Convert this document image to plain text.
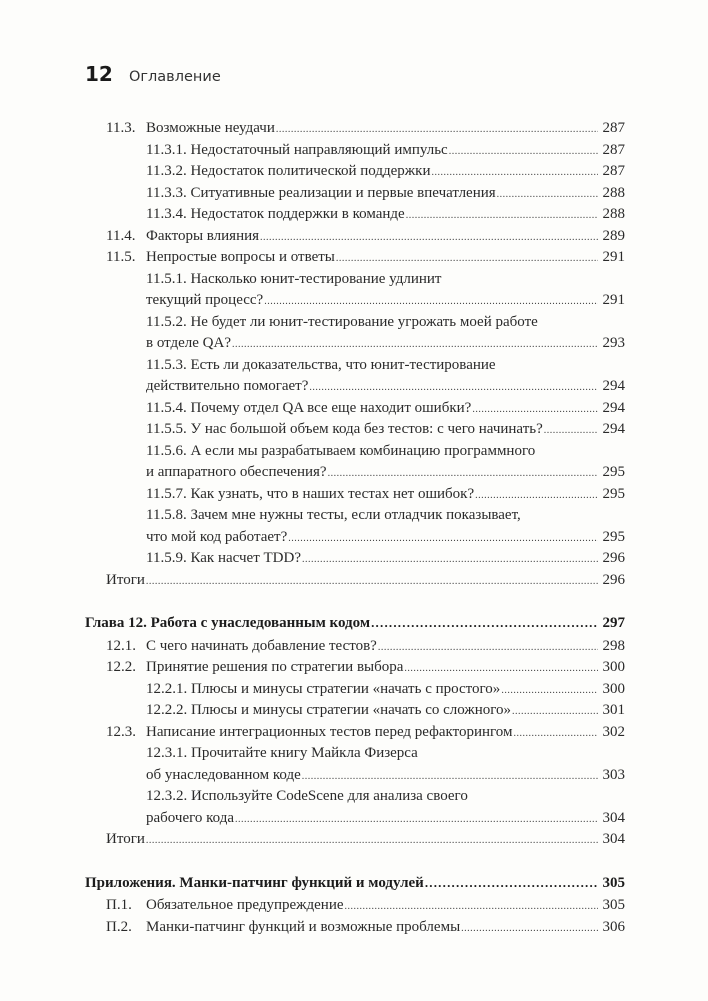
12	Оглавление
11.3. Возможные неудачи .....	287
11.3.1. Недостаточный направляющий импульс .....	287
11.3.2. Недостаток политической поддержки .....	287
11.3.3. Ситуативные реализации и первые впечатления .....	288
11.3.4. Недостаток поддержки в команде .....	288
11.4. Факторы влияния .....	289
11.5. Непростые вопросы и ответы .....	291
11.5.1. Насколько юнит-тестирование удлинит
текущий процесс? .....	291
11.5.2. Не будет ли юнит-тестирование угрожать моей работе
в отделе QA? .....	293
11.5.3. Есть ли доказательства, что юнит-тестирование
действительно помогает? .....	294
11.5.4. Почему отдел QA все еще находит ошибки? .....	294
11.5.5. У нас большой объем кода без тестов: с чего начинать? .....	294
11.5.6. А если мы разрабатываем комбинацию программного
и аппаратного обеспечения? .....	295
11.5.7. Как узнать, что в наших тестах нет ошибок? .....	295
11.5.8. Зачем мне нужны тесты, если отладчик показывает,
что мой код работает? .....	295
11.5.9. Как насчет TDD? .....	296
Итоги .....	296
Глава 12. Работа с унаследованным кодом .....	297
12.1. С чего начинать добавление тестов? .....	298
12.2. Принятие решения по стратегии выбора .....	300
12.2.1. Плюсы и минусы стратегии «начать с простого» .....	300
12.2.2. Плюсы и минусы стратегии «начать со сложного» .....	301
12.3. Написание интеграционных тестов перед рефакторингом .....	302
12.3.1. Прочитайте книгу Майкла Физерса
об унаследованном коде .....	303
12.3.2. Используйте CodeScene для анализа своего
рабочего кода .....	304
Итоги .....	304
Приложения. Манки-патчинг функций и модулей .....	305
П.1. Обязательное предупреждение .....	305
П.2. Манки-патчинг функций и возможные проблемы .....	306
